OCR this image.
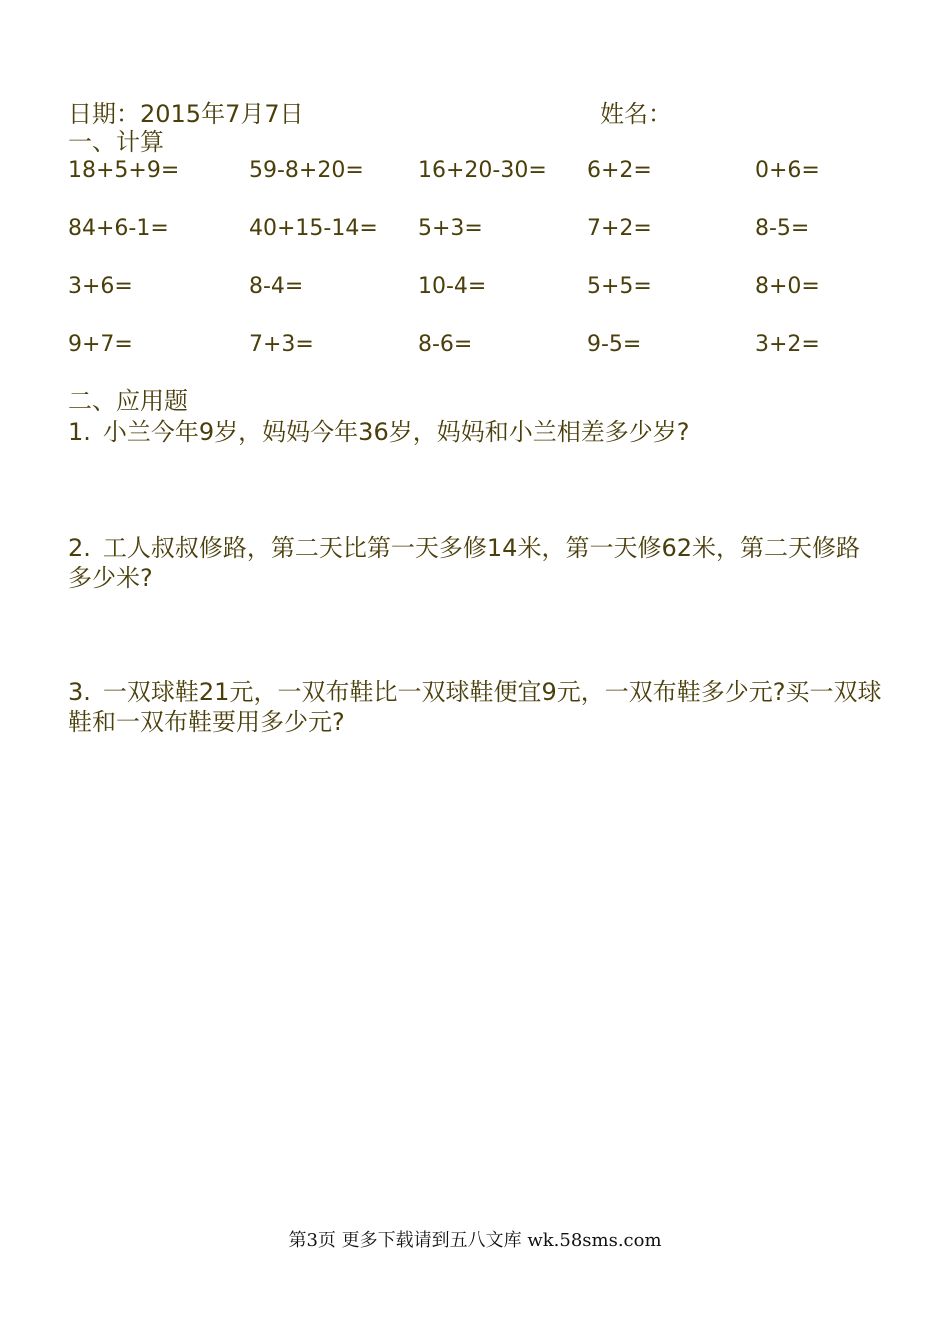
日期：2015年7月7日	姓名：
一、计算
18+5+9=	59-8+20= 16+20-30= 6+2=	0+6=
84+6-1=	40+15-14= 5+3=	7+2=	8-5=
3+6=	8-4=	10-4=	5+5=	8+0=
9+7=	7+3=	8-6=	9-5=	3+2=
二、应用题
1. 小兰今年9岁，妈妈今年36岁，妈妈和小兰相差多少岁?
2. 工人叔叔修路，第二天比第一天多修14米，第一天修62米，第二天修路多少米?
3. 一双球鞋21元，一双布鞋比一双球鞋便宜9元，一双布鞋多少元?买一双球鞋和一双布鞋要用多少元?
第3页 更多下载请到五八文库 wk.58sms.com
